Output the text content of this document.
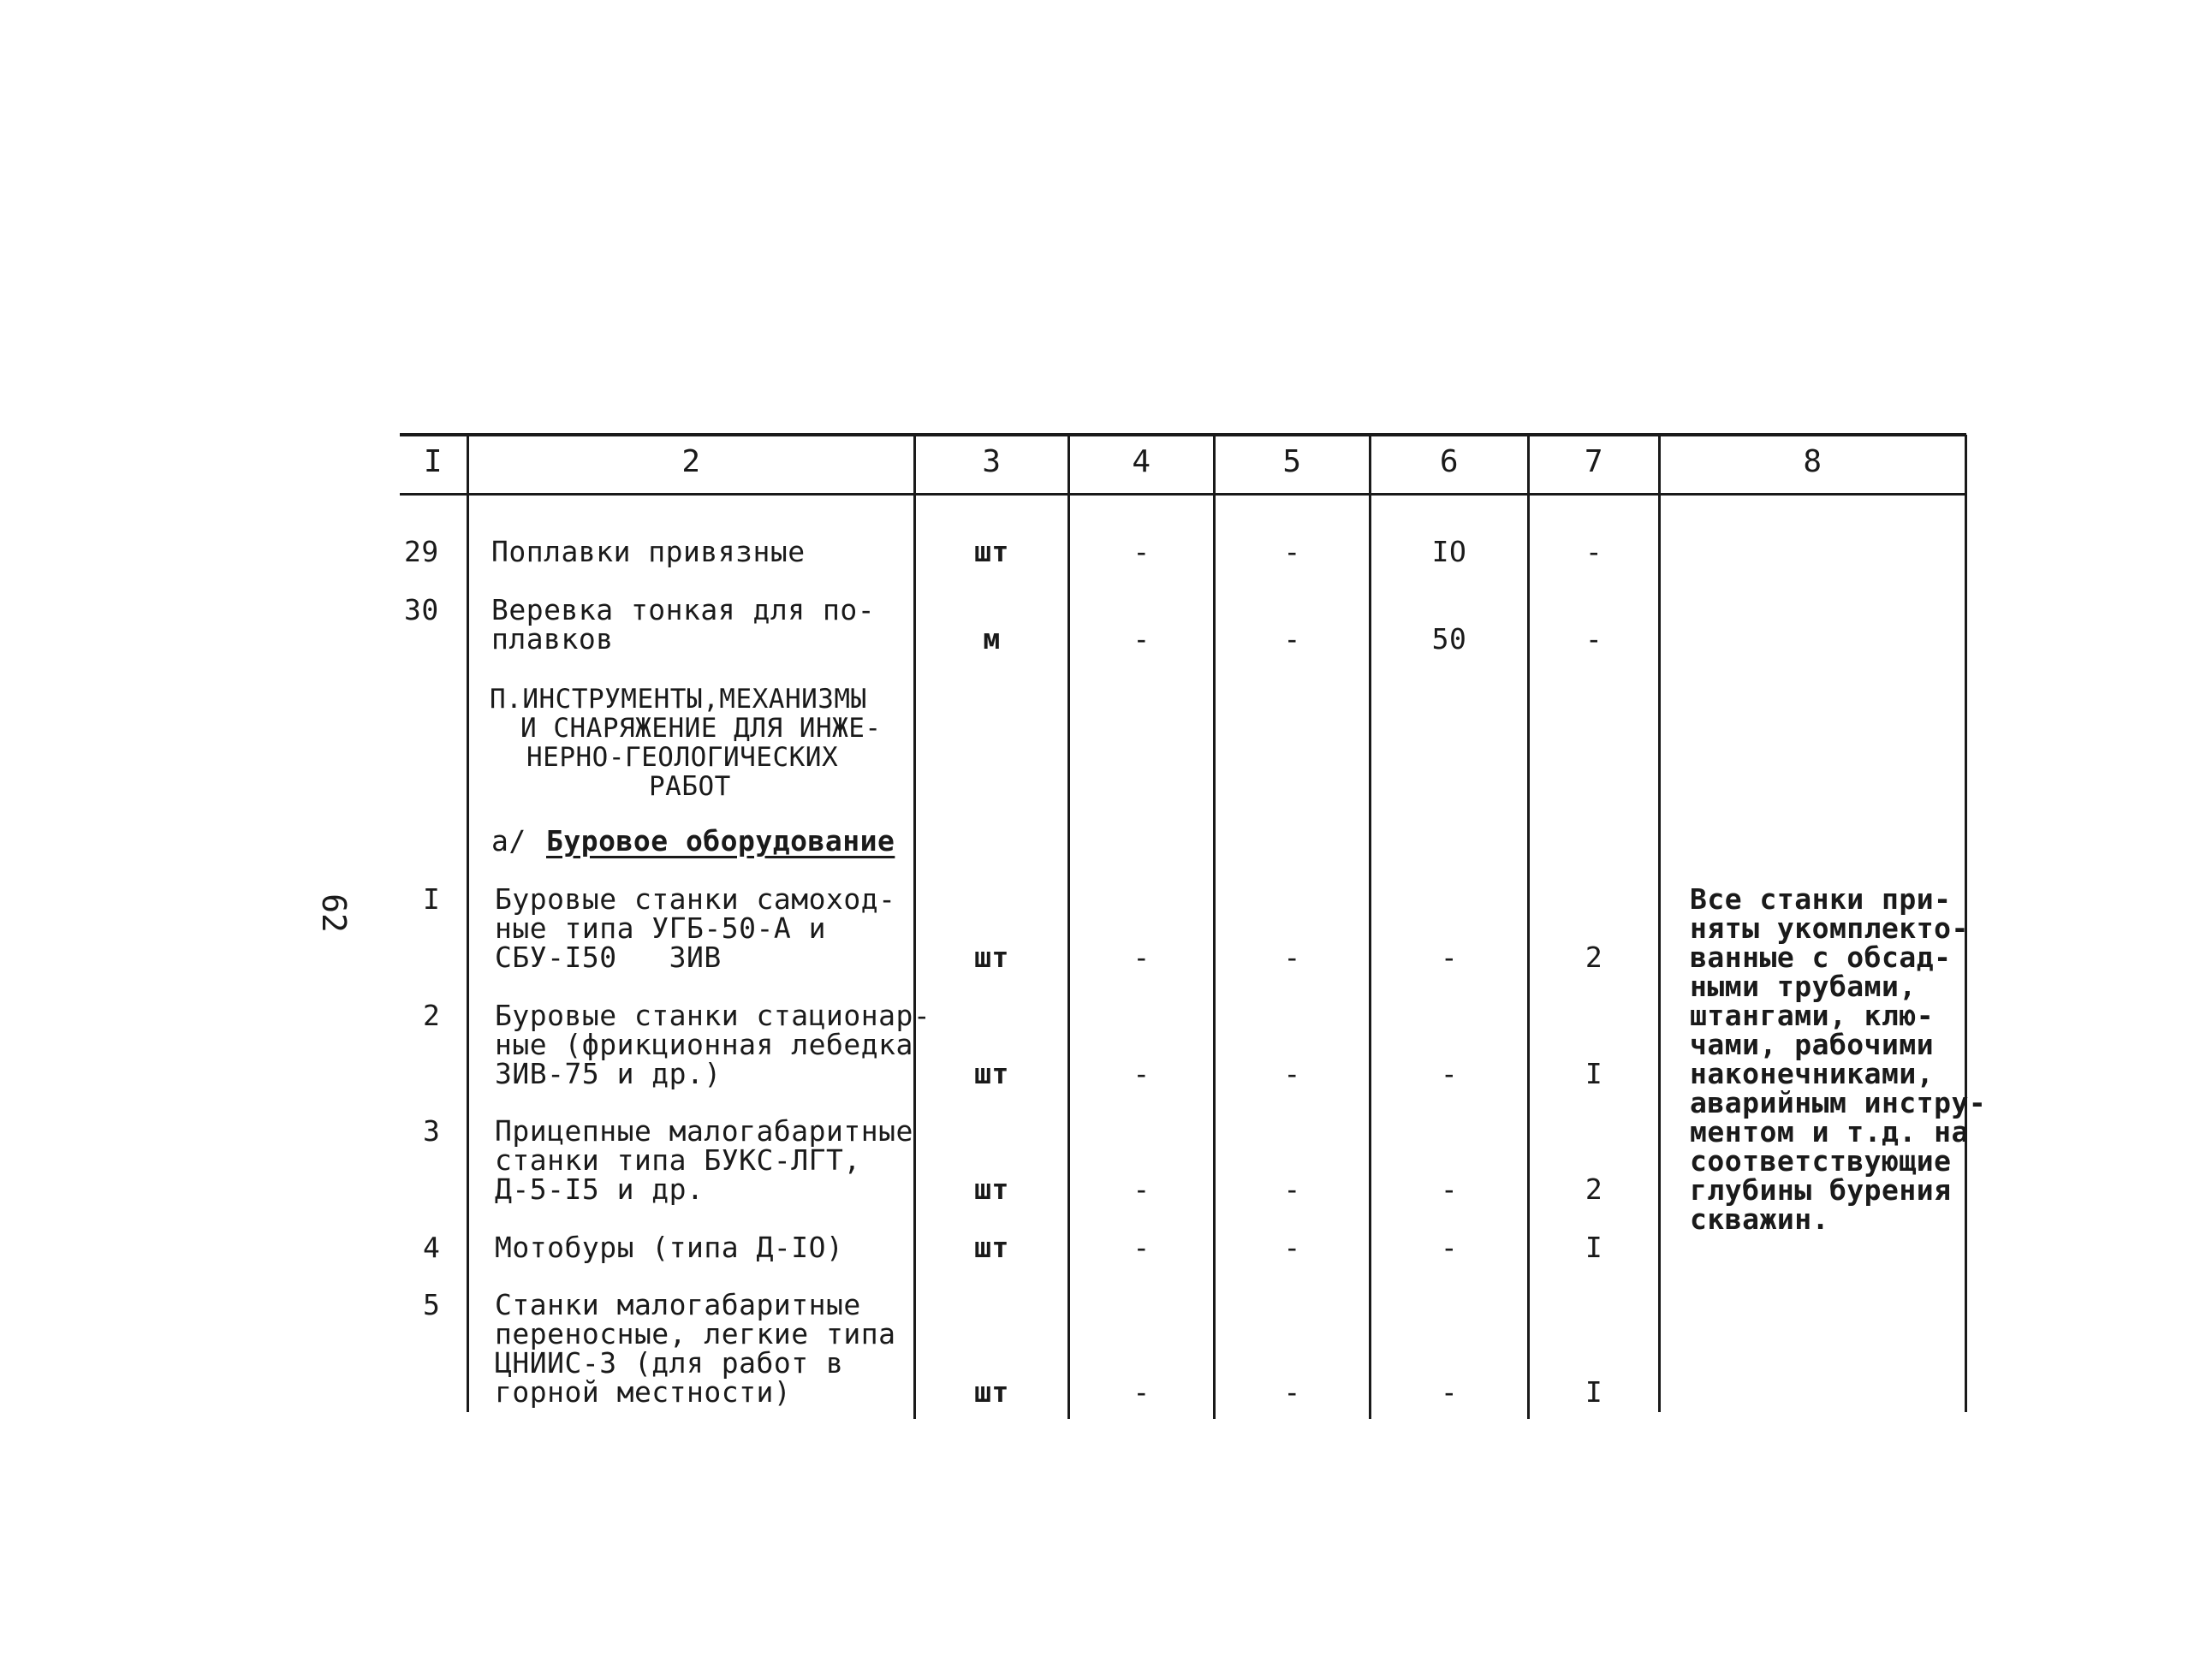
62
I	2	3	4	5	6	7	8
29 Поплавки привязные	шт	-	-	IO	-
30 Веревка тонкая для по-
плавков	м	-	-	50	-
П.ИНСТРУМЕНТЫ,МЕХАНИЗМЫ
И СНАРЯЖЕНИЕ ДЛЯ ИНЖЕ-
НЕРНО-ГЕОЛОГИЧЕСКИХ
РАБОТ
а/ Буровое оборудование
I Буровые станки самоход-
ные типа УГБ-50-А и
СБУ-I50   ЗИВ	шт	-	-	-	2
2 Буровые станки стационар-
ные (фрикционная лебедка
ЗИВ-75 и др.)	шт	-	-	-	I
3 Прицепные малогабаритные
станки типа БУКС-ЛГТ,
Д-5-I5 и др.	шт	-	-	-	2
4 Мотобуры (типа Д-IO)	шт	-	-	-	I
5 Станки малогабаритные
переносные, легкие типа
ЦНИИС-3 (для работ в
горной местности)	шт	-	-	-	I
Все станки при-
няты укомплекто-
ванные с обсад-
ными трубами,
штангами, клю-
чами, рабочими
наконечниками,
аварийным инстру-
ментом и т.д. на
соответствующие
глубины бурения
скважин.
